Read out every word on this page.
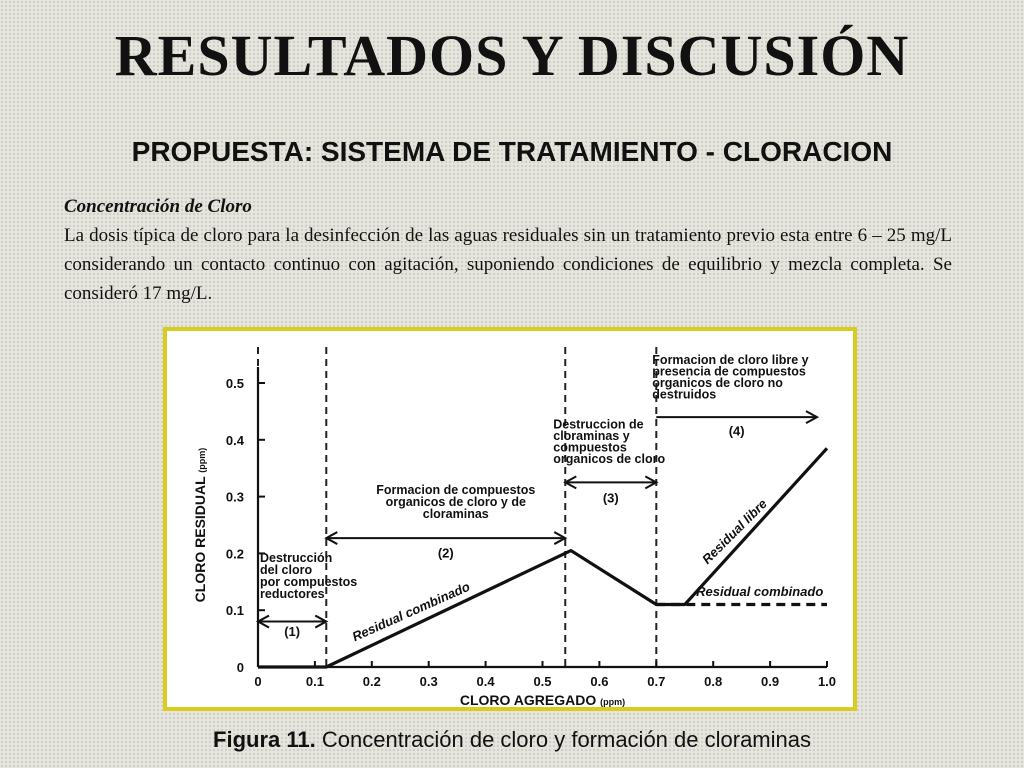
RESULTADOS Y DISCUSIÓN
PROPUESTA: SISTEMA DE TRATAMIENTO - CLORACION
Concentración de Cloro

La dosis típica de cloro para la desinfección de las aguas residuales sin un tratamiento previo esta entre 6 – 25 mg/L considerando un contacto continuo con agitación, suponiendo condiciones de equilibrio y mezcla completa. Se consideró 17 mg/L.

0	0.1	0.2	0.3	0.4	0.5	0.6	0.7	0.8	0.9	1.0
0
0.1
0.2
0.3
0.4
0.5
Residual combinado
Residual libre
Residual combinado
Destrucción
del cloro
por compuestos
reductores
(1)
Formacion de compuestos
organicos de cloro y de
cloraminas
(2)
Destruccion de
cloraminas y
compuestos
organicos de cloro
(3)
Formacion de cloro libre y
presencia de compuestos
organicos de cloro no
destruidos
(4)
CLORO AGREGADO (ppm)
CLORO RESIDUAL (ppm)
Figura 11. Concentración de cloro y formación de cloraminas
